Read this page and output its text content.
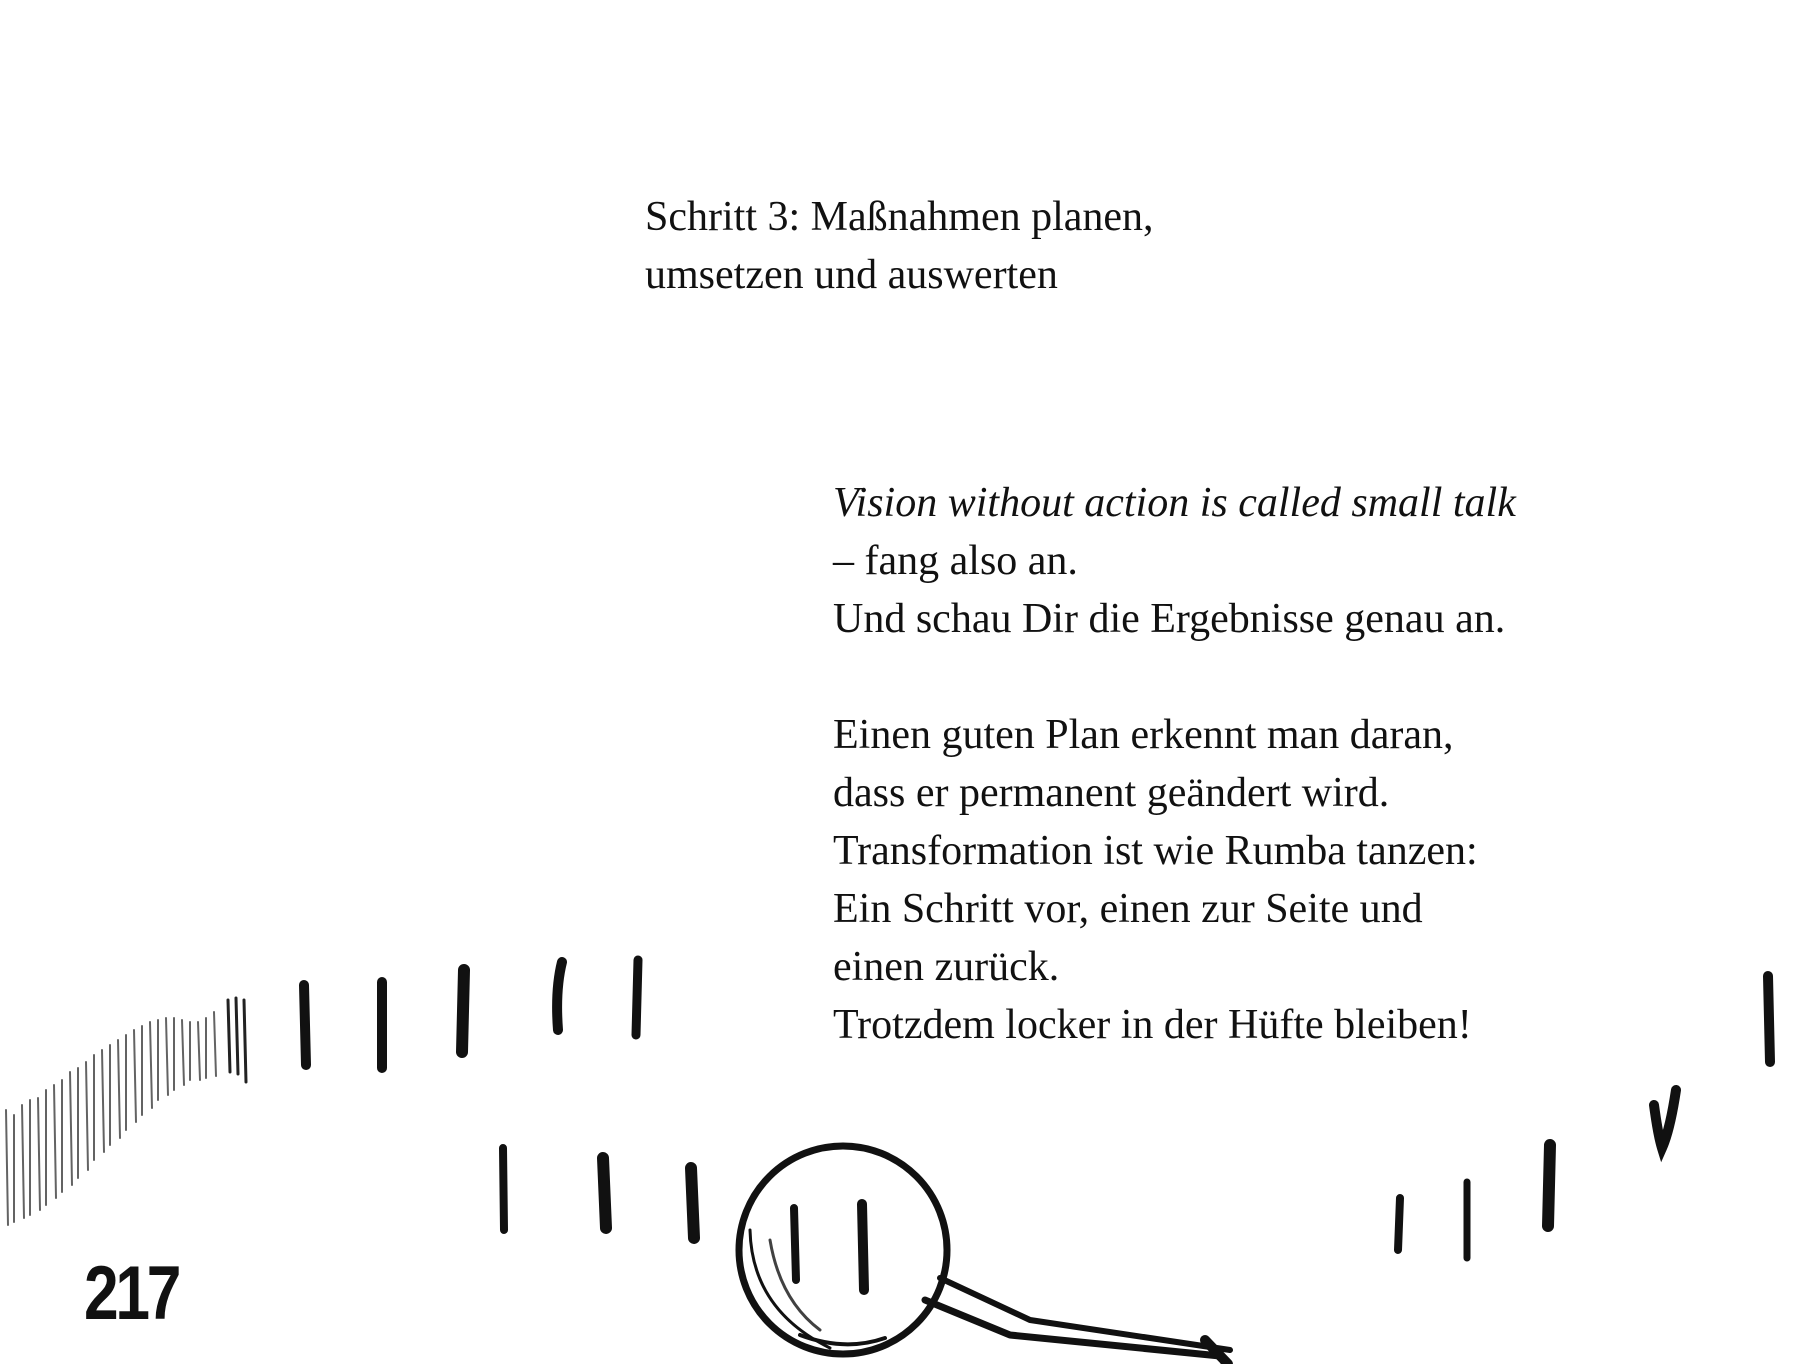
Schritt 3: Maßnahmen planen,
umsetzen und auswerten
Vision without action is called small talk
– fang also an.
Und schau Dir die Ergebnisse genau an.
Einen guten Plan erkennt man daran,
dass er permanent geändert wird.
Transformation ist wie Rumba tanzen:
Ein Schritt vor, einen zur Seite und
einen zurück.
Trotzdem locker in der Hüfte bleiben!
217
